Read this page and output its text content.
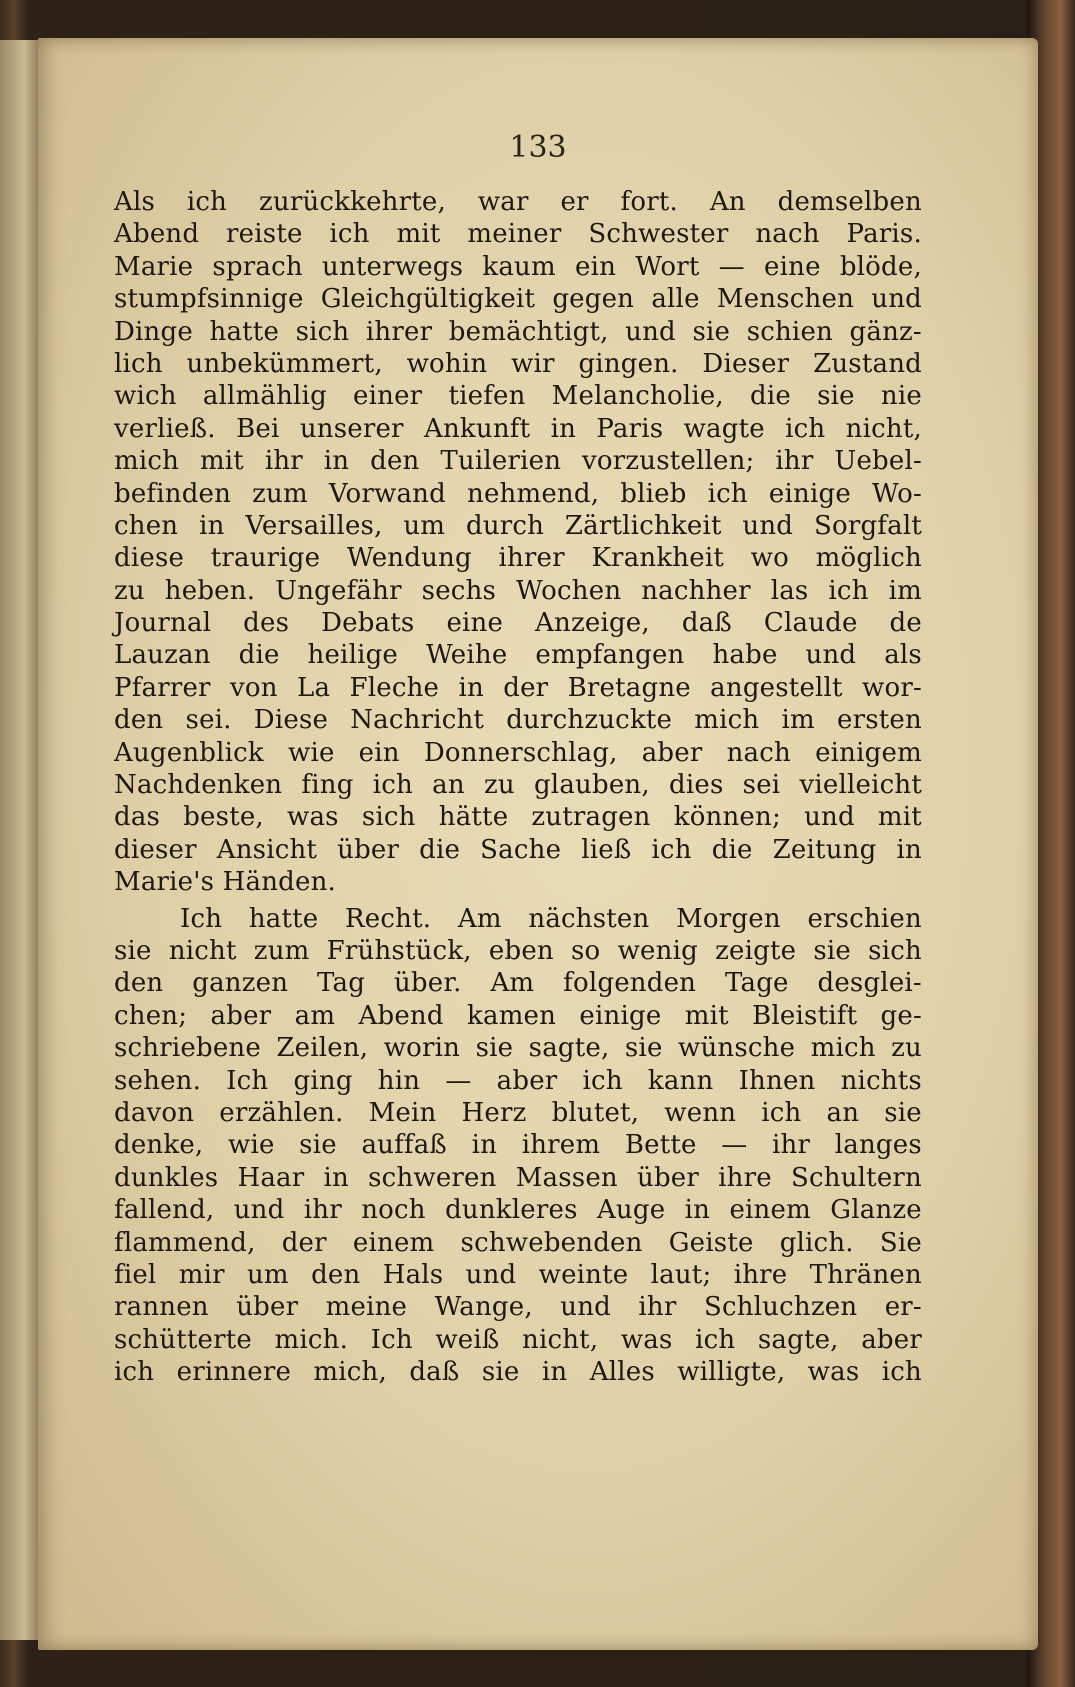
133
Als ich zurückkehrte, war er fort. An demselben
Abend reiste ich mit meiner Schwester nach Paris.
Marie sprach unterwegs kaum ein Wort — eine blöde,
stumpfsinnige Gleichgültigkeit gegen alle Menschen und
Dinge hatte sich ihrer bemächtigt, und sie schien gänz-
lich unbekümmert, wohin wir gingen. Dieser Zustand
wich allmählig einer tiefen Melancholie, die sie nie
verließ. Bei unserer Ankunft in Paris wagte ich nicht,
mich mit ihr in den Tuilerien vorzustellen; ihr Uebel-
befinden zum Vorwand nehmend, blieb ich einige Wo-
chen in Versailles, um durch Zärtlichkeit und Sorgfalt
diese traurige Wendung ihrer Krankheit wo möglich
zu heben. Ungefähr sechs Wochen nachher las ich im
Journal des Debats eine Anzeige, daß Claude de
Lauzan die heilige Weihe empfangen habe und als
Pfarrer von La Fleche in der Bretagne angestellt wor-
den sei. Diese Nachricht durchzuckte mich im ersten
Augenblick wie ein Donnerschlag, aber nach einigem
Nachdenken fing ich an zu glauben, dies sei vielleicht
das beste, was sich hätte zutragen können; und mit
dieser Ansicht über die Sache ließ ich die Zeitung in
Marie's
Händen.
Ich hatte Recht. Am nächsten Morgen erschien
sie nicht zum Frühstück, eben so wenig zeigte sie sich
den ganzen Tag über. Am folgenden Tage desglei-
chen; aber am Abend kamen einige mit Bleistift ge-
schriebene Zeilen, worin sie sagte, sie wünsche mich zu
sehen. Ich ging hin — aber ich kann Ihnen nichts
davon erzählen. Mein Herz blutet, wenn ich an sie
denke, wie sie auffaß in ihrem Bette — ihr langes
dunkles Haar in schweren Massen über ihre Schultern
fallend, und ihr noch dunkleres Auge in einem Glanze
flammend, der einem schwebenden Geiste glich. Sie
fiel mir um den Hals und weinte laut; ihre Thränen
rannen über meine Wange, und ihr Schluchzen er-
schütterte mich. Ich weiß nicht, was ich sagte, aber
ich erinnere mich, daß sie in Alles willigte, was ich
